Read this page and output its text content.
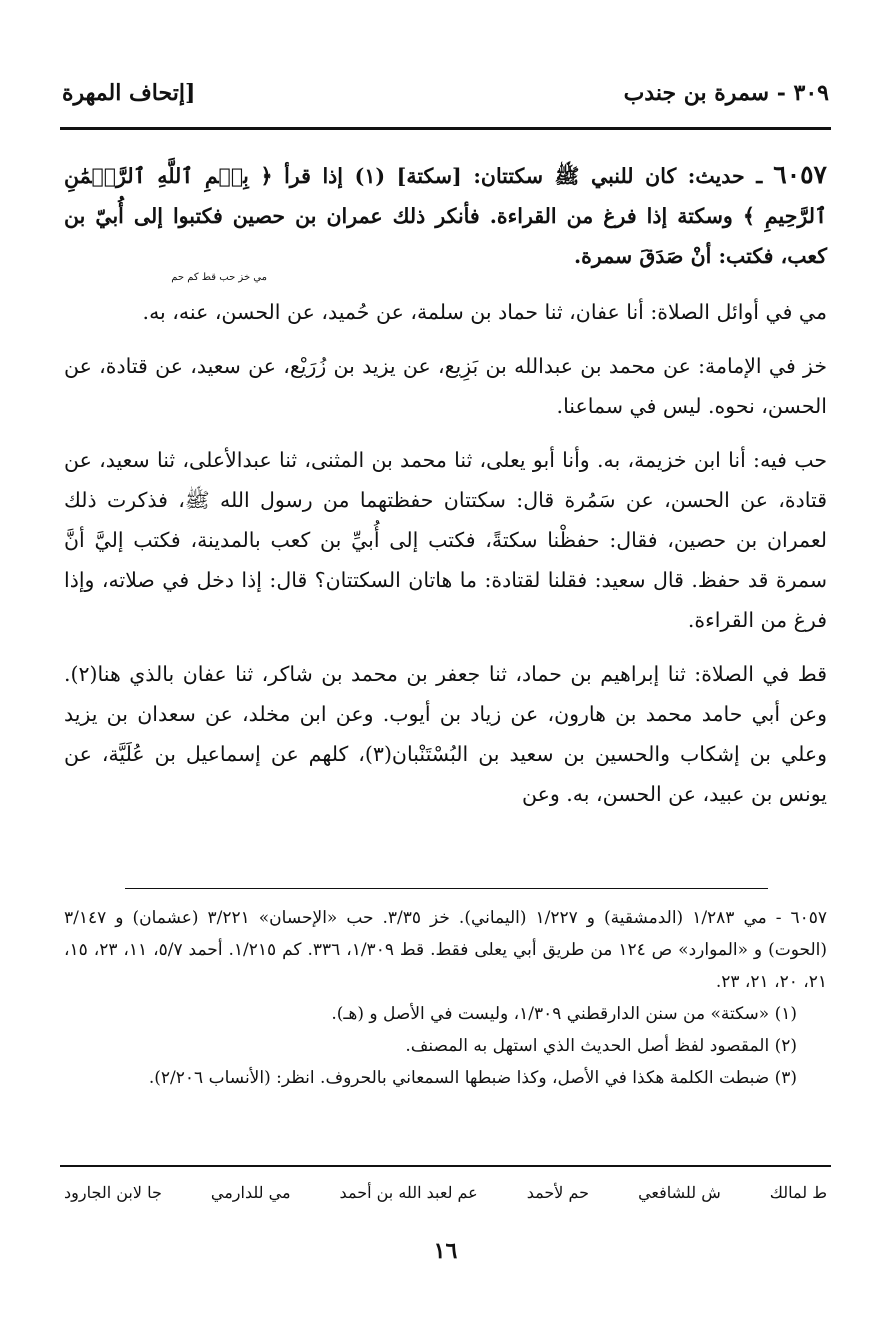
٣٠٩ - سمرة بن جندب
[إتحاف المهرة

٦٠٥٧ ـ حديث: كان للنبي ﷺ سكتتان: [سكتة] (١) إذا قرأ ﴿ بِسۡمِ ٱللَّهِ ٱلرَّحۡمَٰنِ ٱلرَّحِيمِ ﴾ وسكتة إذا فرغ من القراءة. فأنكر ذلك عمران بن حصين فكتبوا إلى أُبيّ بن كعب، فكتب: أنْ صَدَقَ سمرة.
مي خز حب قط كم حم

مي في أوائل الصلاة: أنا عفان، ثنا حماد بن سلمة، عن حُميد، عن الحسن، عنه، به.

خز في الإمامة: عن محمد بن عبدالله بن بَزِيع، عن يزيد بن زُرَيْع، عن سعيد، عن قتادة، عن الحسن، نحوه. ليس في سماعنا.

حب فيه: أنا ابن خزيمة، به. وأنا أبو يعلى، ثنا محمد بن المثنى، ثنا عبدالأعلى، ثنا سعيد، عن قتادة، عن الحسن، عن سَمُرة قال: سكتتان حفظتهما من رسول الله ﷺ، فذكرت ذلك لعمران بن حصين، فقال: حفظْنا سكتةً، فكتب إلى أُبيِّ بن كعب بالمدينة، فكتب إليَّ أنَّ سمرة قد حفظ. قال سعيد: فقلنا لقتادة: ما هاتان السكتتان؟ قال: إذا دخل في صلاته، وإذا فرغ من القراءة.

قط في الصلاة: ثنا إبراهيم بن حماد، ثنا جعفر بن محمد بن شاكر، ثنا عفان بالذي هنا(٢). وعن أبي حامد محمد بن هارون، عن زياد بن أيوب. وعن ابن مخلد، عن سعدان بن يزيد وعلي بن إشكاب والحسين بن سعيد بن البُسْتَنْبان(٣)، كلهم عن إسماعيل بن عُلَيَّة، عن يونس بن عبيد، عن الحسن، به. وعن

٦٠٥٧ - مي ١/٢٨٣ (الدمشقية) و ١/٢٢٧ (اليماني). خز ٣/٣٥. حب «الإحسان» ٣/٢٢١ (عشمان) و ٣/١٤٧ (الحوت) و «الموارد» ص ١٢٤ من طريق أبي يعلى فقط. قط ١/٣٠٩، ٣٣٦. كم ١/٢١٥. أحمد ٥/٧، ١١، ٢٣، ١٥، ٢١، ٢٠، ٢١، ٢٣.

(١) «سكتة» من سنن الدارقطني ١/٣٠٩، وليست في الأصل و (هـ).

(٢) المقصود لفظ أصل الحديث الذي استهل به المصنف.

(٣) ضبطت الكلمة هكذا في الأصل، وكذا ضبطها السمعاني بالحروف. انظر: (الأنساب ٢/٢٠٦).

ط لمالك
ش للشافعي
حم لأحمد
عم لعبد الله بن أحمد
مي للدارمي
جا لابن الجارود
١٦
